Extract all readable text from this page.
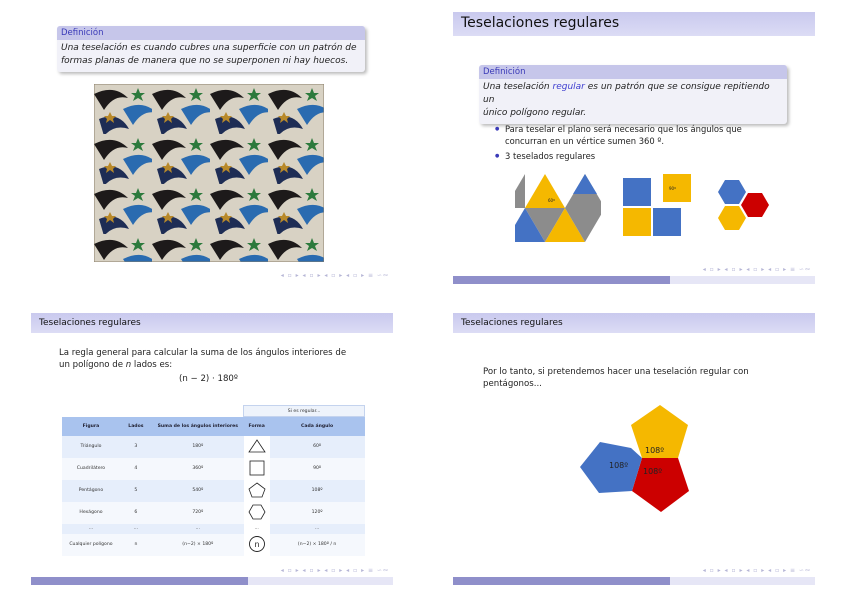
Definición
Una teselación es cuando cubres una superficie con un patrón de
formas planas de manera que no se superponen ni hay huecos.
◂ ▫ ▸ ◂ ▫ ▸ ◂ ▫ ▸ ◂ ▫ ▸ ≡ ∽∾
Teselaciones regulares
Definición
Una teselación regular es un patrón que se consigue repitiendo un
único polígono regular.
● Para teselar el plano será necesario que los ángulos que
concurran en un vértice sumen 360 º.
● 3 teselados regulares
60º
90º
◂ ▫ ▸ ◂ ▫ ▸ ◂ ▫ ▸ ◂ ▫ ▸ ≡ ∽∾
Teselaciones regulares
La regla general para calcular la suma de los ángulos interiores de
un polígono de n lados es:
(n − 2) · 180º
			Si es regular...	
Figura	Lados	Suma de los ángulos interiores	Forma	Cada ángulo
Triángulo	3	180º		60º
Cuadrilátero	4	360º		90º
Pentágono	5	540º		108º
Hexágono	6	720º		120º
...	...	...	...	...
Cualquier polígono	n	(n−2) × 180º	n	(n−2) × 180º / n
◂ ▫ ▸ ◂ ▫ ▸ ◂ ▫ ▸ ◂ ▫ ▸ ≡ ∽∾
Teselaciones regulares
Por lo tanto, si pretendemos hacer una teselación regular con
pentágonos...
108º
108º
108º
◂ ▫ ▸ ◂ ▫ ▸ ◂ ▫ ▸ ◂ ▫ ▸ ≡ ∽∾
